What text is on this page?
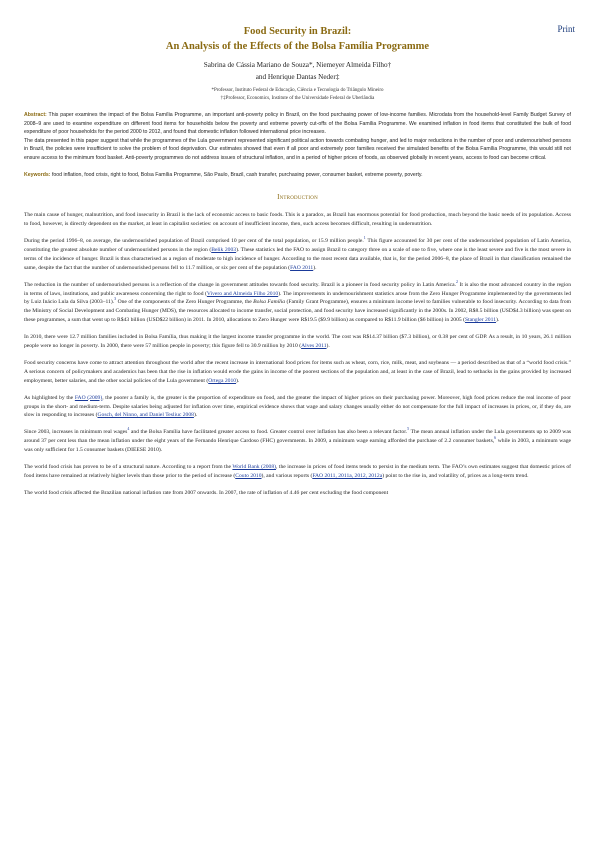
Print
Food Security in Brazil:
An Analysis of the Effects of the Bolsa Família Programme
Sabrina de Cássia Mariano de Souza*, Niemeyer Almeida Filho†
and Henrique Dantas Neder‡
*Professor, Instituto Federal de Educação, Ciência e Tecnologia do Triângulo Mineiro
†‡Professor, Economics, Institute of the Universidade Federal de Uberlândia
Abstract: This paper examines the impact of the Bolsa Família Programme, an important anti-poverty policy in Brazil, on the food purchasing power of low-income families. Microdata from the household-level Family Budget Survey of 2008–9 are used to examine expenditure on different food items for households below the poverty and extreme poverty cut-offs of the Bolsa Família Programme. We examined inflation in food items that constituted the bulk of food expenditure of poor households for the period 2000 to 2012, and found that domestic inflation followed international price increases.
The data presented in this paper suggest that while the programmes of the Lula government represented significant political action towards combating hunger, and led to major reductions in the number of poor and undernourished persons in Brazil, the policies were insufficient to solve the problem of food deprivation. Our estimates showed that even if all poor and extremely poor families received the simulated benefits of the Bolsa Família Programme, this would still not ensure access to the minimum food basket. Anti-poverty programmes do not address issues of structural inflation, and in a period of higher prices of foods, as observed globally in recent years, access to food can become critical.
Keywords: food inflation, food crisis, right to food, Bolsa Família Programme, São Paulo, Brazil, cash transfer, purchasing power, consumer basket, extreme poverty, poverty.
Introduction

The main cause of hunger, malnutrition, and food insecurity in Brazil is the lack of economic access to basic foods. This is a paradox, as Brazil has enormous potential for food production, much beyond the basic needs of its population. Access to food, however, is directly dependent on the market, at least in capitalist societies: on account of insufficient income, then, such access becomes difficult, resulting in undernutrition.

During the period 1996–8, on average, the undernourished population of Brazil comprised 10 per cent of the total population, or 15.9 million people.$^1$ This figure accounted for 30 per cent of the undernourished population of Latin America, constituting the greatest absolute number of undernourished persons in the region (Belik 2003). These statistics led the FAO to assign Brazil to category three on a scale of one to five, where one is the least severe and five is the most severe in terms of the incidence of hunger. Brazil is thus characterised as a region of moderate to high incidence of hunger. According to the most recent data available, that is, for the period 2006–8, the place of Brazil in that classification remained the same, despite the fact that the number of undernourished persons fell to 11.7 million, or six per cent of the population (FAO 2011).

The reduction in the number of undernourished persons is a reflection of the change in government attitudes towards food security. Brazil is a pioneer in food security policy in Latin America.$^2$ It is also the most advanced country in the region in terms of laws, institutions, and public awareness concerning the right to food (Vivero and Almeida Filho 2010). The improvements in undernourishment statistics arose from the Zero Hunger Programme implemented by the governments led by Luiz Inácio Lula da Silva (2003–11).$^3$ One of the components of the Zero Hunger Programme, the Bolsa Família (Family Grant Programme), ensures a minimum income level to families vulnerable to food insecurity. According to data from the Ministry of Social Development and Combating Hunger (MDS), the resources allocated to income transfer, social protection, and food security have increased significantly in the 2000s. In 2002, R$8.5 billion (USD$4.3 billion) was spent on these programmes, a sum that went up to R$43 billion (USD$22 billion) in 2011. In 2010, allocations to Zero Hunger were R$19.5 ($9.9 billion) as compared to R$11.9 billion ($6 billion) in 2005 (Stangler 2011).

In 2010, there were 12.7 million families included in Bolsa Família, thus making it the largest income transfer programme in the world. The cost was R$14.37 billion ($7.3 billion), or 0.38 per cent of GDP. As a result, in 10 years, 26.1 million people were no longer in poverty. In 2000, there were 57 million people in poverty; this figure fell to 30.9 million by 2010 (Alves 2011).

Food security concerns have come to attract attention throughout the world after the recent increase in international food prices for items such as wheat, corn, rice, milk, meat, and soybeans — a period described as that of a “world food crisis.” A serious concern of policymakers and academics has been that the rise in inflation would erode the gains in income of the poorest sections of the population and, at least in the case of Brazil, lead to setbacks in the gains provided by increased employment, better salaries, and the other social policies of the Lula government (Ortega 2010).

As highlighted by the FAO (2009), the poorer a family is, the greater is the proportion of expenditure on food, and the greater the impact of higher prices on their purchasing power. Moreover, high food prices reduce the real income of poor groups in the short- and medium-term. Despite salaries being adjusted for inflation over time, empirical evidence shows that wage and salary changes usually either do not compensate for the full impact of increases in prices, or, if they do, are slow in responding to increases (Gosch, del Ninno, and Daniel Tesliuc 2008).

Since 2003, increases in minimum real wages$^4$ and the Bolsa Família have facilitated greater access to food. Greater control over inflation has also been a relevant factor.$^5$ The mean annual inflation under the Lula governments up to 2009 was around 37 per cent less than the mean inflation under the eight years of the Fernando Henrique Cardoso (FHC) governments. In 2009, a minimum wage earning afforded the purchase of 2.2 consumer baskets,$^6$ while in 2003, a minimum wage was only sufficient for 1.5 consumer baskets (DIEESE 2010).

The world food crisis has proven to be of a structural nature. According to a report from the World Bank (2008), the increase in prices of food items tends to persist in the medium term. The FAO’s own estimates suggest that domestic prices of food items have remained at relatively higher levels than those prior to the period of increase (Couto 2010), and various reports (FAO 2011, 2011a, 2012, 2012a) point to the rise in, and volatility of, prices as a long-term trend.

The world food crisis affected the Brazilian national inflation rate from 2007 onwards. In 2007, the rate of inflation of 4.46 per cent excluding the food component
